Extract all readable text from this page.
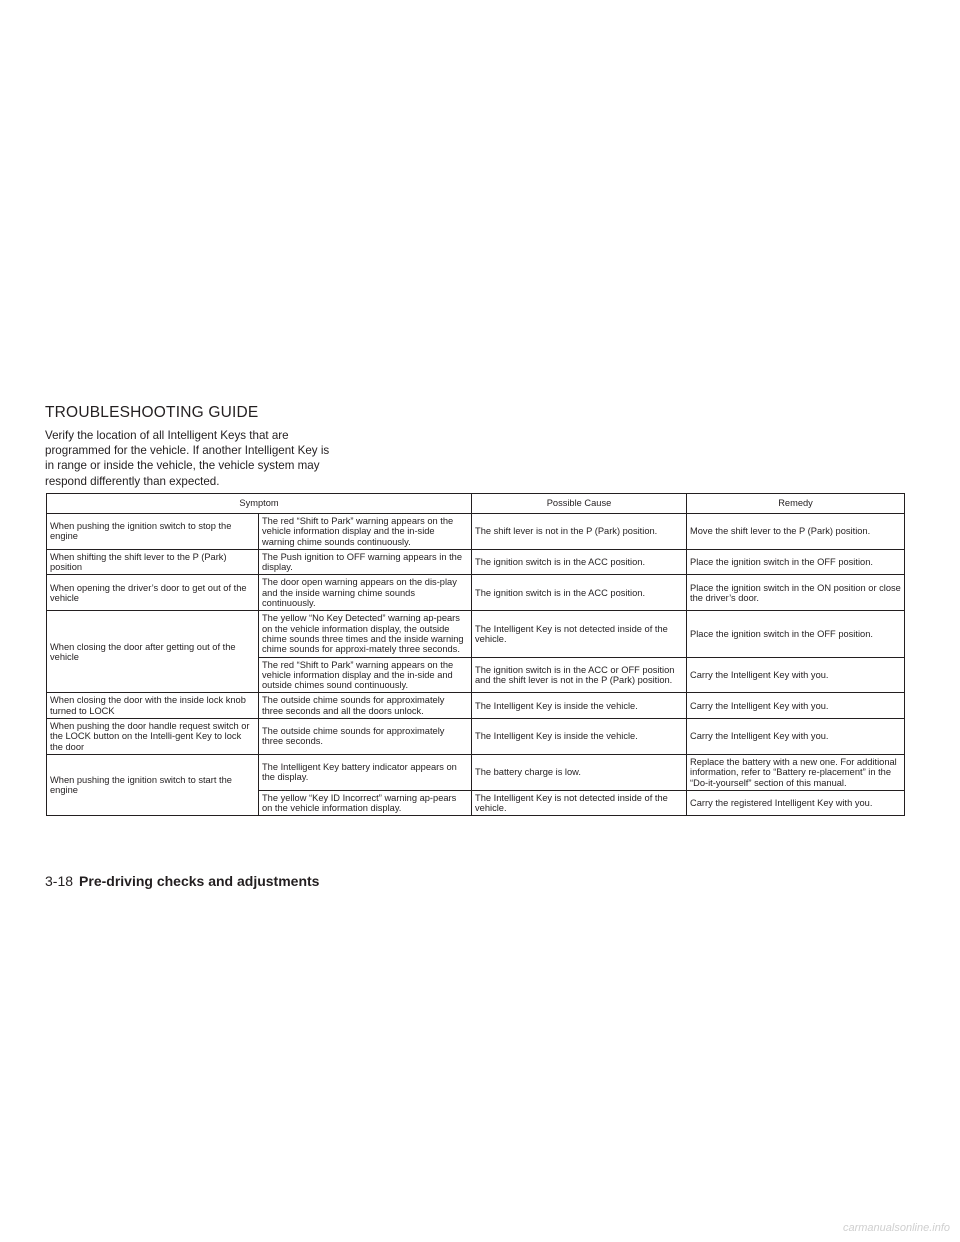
TROUBLESHOOTING GUIDE

Verify the location of all Intelligent Keys that are programmed for the vehicle. If another Intelligent Key is in range or inside the vehicle, the vehicle system may respond differently than expected.

Symptom		Possible Cause	Remedy
When pushing the ignition switch to stop the engine	The red “Shift to Park” warning appears on the vehicle information display and the in-side warning chime sounds continuously.	The shift lever is not in the P (Park) position.	Move the shift lever to the P (Park) position.
When shifting the shift lever to the P (Park) position	The Push ignition to OFF warning appears in the display.	The ignition switch is in the ACC position.	Place the ignition switch in the OFF position.
When opening the driver’s door to get out of the vehicle	The door open warning appears on the dis-play and the inside warning chime sounds continuously.	The ignition switch is in the ACC position.	Place the ignition switch in the ON position or close the driver’s door.
When closing the door after getting out of the vehicle	The yellow “No Key Detected” warning ap-pears on the vehicle information display, the outside chime sounds three times and the inside warning chime sounds for approxi-mately three seconds.	The Intelligent Key is not detected inside of the vehicle.	Place the ignition switch in the OFF position.
	The red “Shift to Park” warning appears on the vehicle information display and the in-side and outside chimes sound continuously.	The ignition switch is in the ACC or OFF position and the shift lever is not in the P (Park) position.	Carry the Intelligent Key with you.
When closing the door with the inside lock knob turned to LOCK	The outside chime sounds for approximately three seconds and all the doors unlock.	The Intelligent Key is inside the vehicle.	Carry the Intelligent Key with you.
When pushing the door handle request switch or the LOCK button on the Intelli-gent Key to lock the door	The outside chime sounds for approximately three seconds.	The Intelligent Key is inside the vehicle.	Carry the Intelligent Key with you.
When pushing the ignition switch to start the engine	The Intelligent Key battery indicator appears on the display.	The battery charge is low.	Replace the battery with a new one. For additional information, refer to “Battery re-placement” in the “Do-it-yourself” section of this manual.
	The yellow “Key ID Incorrect” warning ap-pears on the vehicle information display.	The Intelligent Key is not detected inside of the vehicle.	Carry the registered Intelligent Key with you.
3-18 Pre-driving checks and adjustments
carmanualsonline.info
